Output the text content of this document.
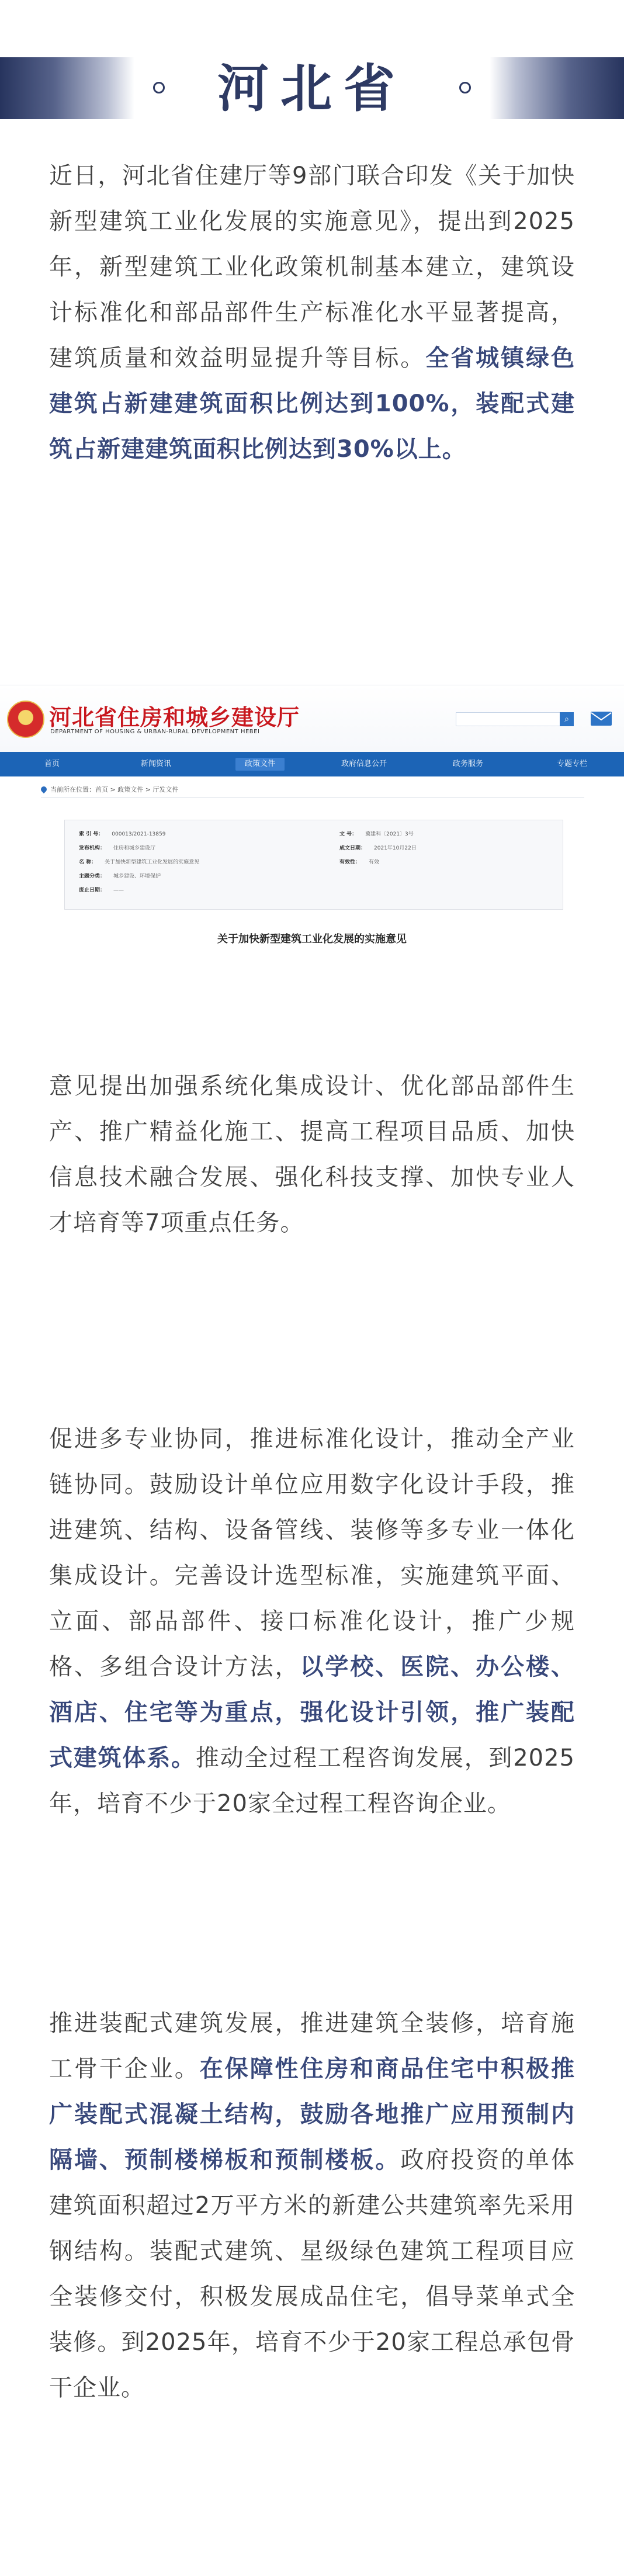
河北省
近日，河北省住建厅等9部门联合印发《关于加快新型建筑工业化发展的实施意见》，提出到2025年，新型建筑工业化政策机制基本建立，建筑设计标准化和部品部件生产标准化水平显著提高，建筑质量和效益明显提升等目标。全省城镇绿色建筑占新建建筑面积比例达到100%，装配式建筑占新建建筑面积比例达到30%以上。
河北省住房和城乡建设厅
DEPARTMENT OF HOUSING & URBAN-RURAL DEVELOPMENT HEBEI
⌕
首页	新闻资讯	政策文件	政府信息公开	政务服务	专题专栏
当前所在位置：首页 > 政策文件 > 厅发文件
索 引 号： 000013/2021-13859	文 号： 冀建科〔2021〕3号
发布机构： 住房和城乡建设厅	成文日期： 2021年10月22日
名 称： 关于加快新型建筑工业化发展的实施意见	有效性： 有效
主题分类： 城乡建设、环境保护
废止日期： ——
关于加快新型建筑工业化发展的实施意见
意见提出加强系统化集成设计、优化部品部件生产、推广精益化施工、提高工程项目品质、加快信息技术融合发展、强化科技支撑、加快专业人才培育等7项重点任务。
促进多专业协同，推进标准化设计，推动全产业链协同。鼓励设计单位应用数字化设计手段，推进建筑、结构、设备管线、装修等多专业一体化集成设计。完善设计选型标准，实施建筑平面、立面、部品部件、接口标准化设计，推广少规格、多组合设计方法，以学校、医院、办公楼、酒店、住宅等为重点，强化设计引领，推广装配式建筑体系。推动全过程工程咨询发展，到2025年，培育不少于20家全过程工程咨询企业。
推进装配式建筑发展，推进建筑全装修，培育施工骨干企业。在保障性住房和商品住宅中积极推广装配式混凝土结构，鼓励各地推广应用预制内隔墙、预制楼梯板和预制楼板。政府投资的单体建筑面积超过2万平方米的新建公共建筑率先采用钢结构。装配式建筑、星级绿色建筑工程项目应全装修交付，积极发展成品住宅，倡导菜单式全装修。到2025年，培育不少于20家工程总承包骨干企业。
